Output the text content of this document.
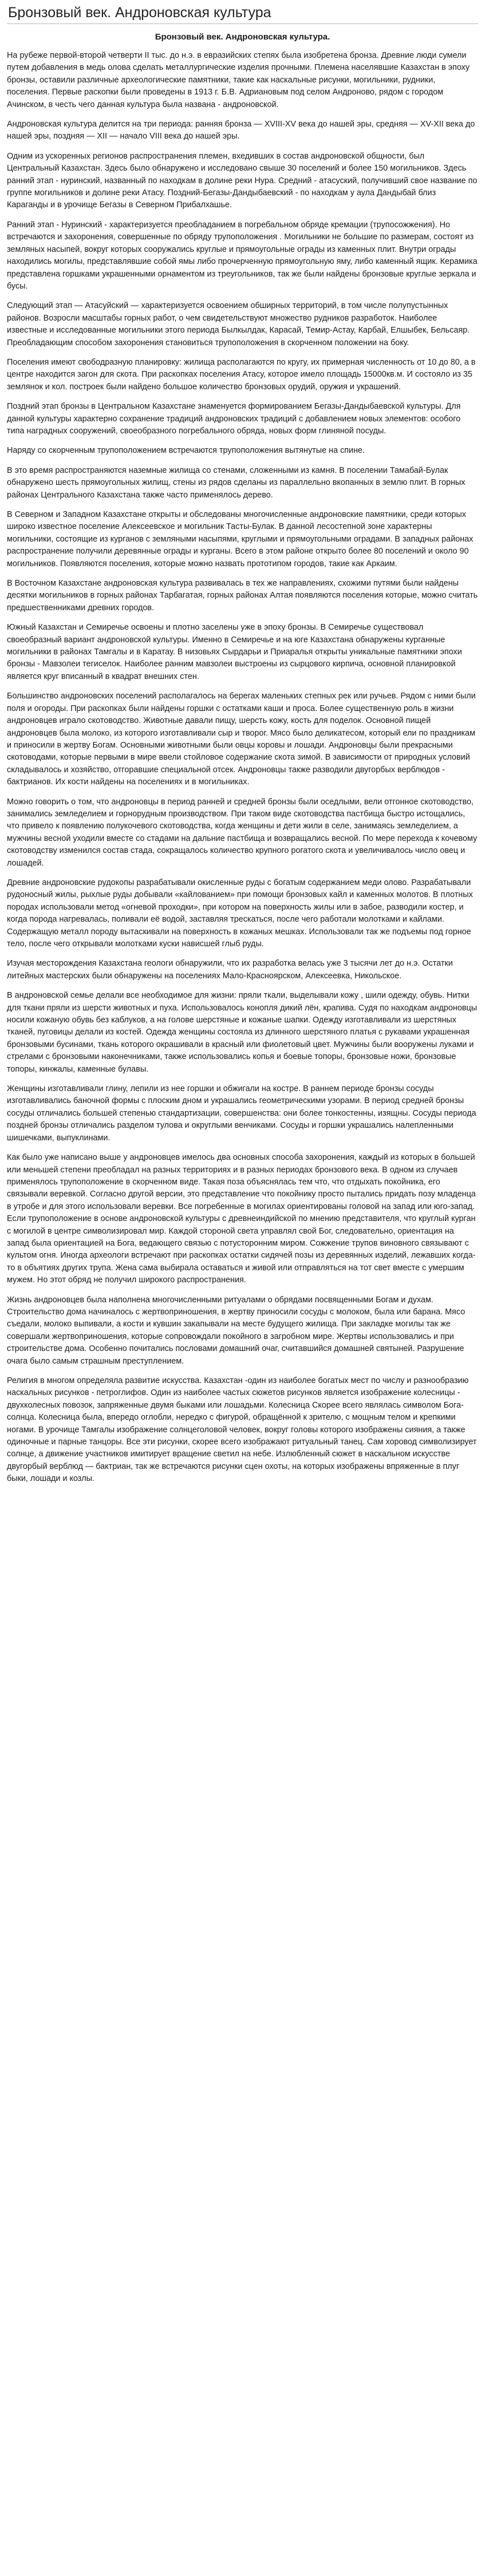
Бронзовый век. Андроновская культура
Бронзовый век. Андроновская культура.

На рубеже первой-второй четверти II тыс. до н.э. в евразийских степях была изобретена бронза. Древние люди сумели путем добавления в медь олова сделать металлургические изделия прочными. Племена населявшие Казахстан в эпоху бронзы, оставили различные археологические памятники, такие как наскальные рисунки, могильники, рудники, поселения. Первые раскопки были проведены в 1913 г. Б.В. Адриановым под селом Андроново, рядом с городом Ачинском, в честь чего данная культура была названа - андроновской.

Андроновская культура делится на три периода: ранняя бронза — XVIII-XV века до нашей эры, средняя — XV-XII века до нашей эры, поздняя — XII — начало VIII века до нашей эры.

Одним из ускоренных регионов распространения племен, вхедивших в состав андроновской общности, был Центральный Казахстан. Здесь было обнаружено и исследовано свыше 30 поселений и более 150 могильников. Здесь ранний этап - нуринский, названный по находкам в долине реки Нура. Средний - атасуский, получивший свое название по группе могильников и долине реки Атасу. Поздний-Бегазы-Дандыбаевский - по находкам у аула Дандыбай близ Караганды и в урочище Бегазы в Северном Прибалхашье.

Ранний этап - Нуринский - характеризуется преобладанием в погребальном обряде кремации (трупосожжения). Но встречаются и захоронения, совершенные по обряду трупоположения . Могильники не большие по размерам, состоят из земляных насыпей, вокруг которых сооружались круглые и прямоугольные ограды из каменных плит. Внутри ограды находились могилы, представлявшие собой ямы либо прочерченную прямоугольную яму, либо каменный ящик. Керамика представлена горшками украшенными орнаментом из треугольников, так же были найдены бронзовые круглые зеркала и бусы.

Следующий этап — Атасуйский — характеризуется освоением обширных территорий, в том числе полупустынных районов. Возросли масштабы горных работ, о чем свидетельствуют множество рудников разработок. Наиболее известные и исследованные могильники этого периода Былкылдак, Карасай, Темир-Астау, Карбай, Елшыбек, Бельсаяр. Преобладающим способом захоронения становиться трупоположения в скорченном положении на боку.

Поселения имеют свободразную планировку: жилища располагаются по кругу, их примерная численность от 10 до 80, а в центре находится загон для скота. При раскопках поселения Атасу, которое имело площадь 15000кв.м. И состояло из 35 землянок и кол. построек были найдено большое количество бронзовых орудий, оружия и украшений.

Поздний этап бронзы в Центральном Казахстане знаменуется формированием Бегазы-Дандыбаевской культуры. Для данной культуры характерно сохранение традиций андроновских традиций с добавлением новых элементов: особого типа наградных сооружений, своеобразного погребального обряда, новых форм глиняной посуды.

Наряду со скорченным трупоположением встречаются трупоположения вытянутые на спине.

В это время распространяются наземные жилища со стенами, сложенными из камня. В поселении Тамабай-Булак обнаружено шесть прямоугольных жилищ, стены из рядов сделаны из параллельно вкопанных в землю плит. В горных районах Центрального Казахстана также часто применялось дерево.

В Северном и Западном Казахстане открыты и обследованы многочисленные андроновские памятники, среди которых широко известное поселение Алексеевское и могильник Тасты-Булак. В данной лесостепной зоне характерны могильники, состоящие из курганов с земляными насыпями, круглыми и прямоугольными оградами. В западных районах распространение получили деревянные ограды и курганы. Всего в этом районе открыто более 80 поселений и около 90 могильников. Появляются поселения, которые можно назвать прототипом городов, такие как Аркаим.

В Восточном Казахстане андроновская культура развивалась в тех же направлениях, схожими путями были найдены десятки могильников в горных районах Тарбагатая, горных районах Алтая появляются поселения которые, можно считать предшественниками древних городов.

Южный Казахстан и Семиречье освоены и плотно заселены уже в эпоху бронзы. В Семиречье существовал своеобразный вариант андроновской культуры. Именно в Семиречье и на юге Казахстана обнаружены курганные могильники в районах Тамгалы и в Каратау. В низовьях Сырдарьи и Приаралья открыты уникальные памятники эпохи бронзы - Мавзолеи тегиселок. Наиболее ранним мавзолеи выстроены из сырцового кирпича, основной планировкой является круг вписанный в квадрат внешних стен.

Большинство андроновских поселений располагалось на берегах маленьких степных рек или ручьев. Рядом с ними были поля и огороды. При раскопках были найдены горшки с остатками каши и проса. Более существенную роль в жизни андроновцев играло скотоводство. Животные давали пищу, шерсть кожу, кость для поделок. Основной пищей андроновцев была молоко, из которого изготавливали сыр и творог. Мясо было деликатесом, который ели по праздникам и приносили в жертву Богам. Основными животными были овцы коровы и лошади. Андроновцы были прекрасными скотоводами, которые первыми в мире ввели стойловое содержание скота зимой. В зависимости от природных условий складывалось и хозяйство, отгоравшие специальной отсек. Андроновцы также разводили двугорбых верблюдов - бактрианов. Их кости найдены на поселениях и в могильниках.

Можно говорить о том, что андроновцы в период ранней и средней бронзы были оседлыми, вели отгонное скотоводство, занимались земледелием и горнорудным производством. При таком виде скотоводства пастбища быстро истощались, что привело к появлению полукочевого скотоводства, когда женщины и дети жили в селе, занимаясь земледелием, а мужчины весной уходили вместе со стадами на дальние пастбища и возвращались весной. По мере перехода к кочевому скотоводству изменился состав стада, сокращалось количество крупного рогатого скота и увеличивалось число овец и лошадей.

Древние андроновские рудокопы разрабатывали окисленные руды с богатым содержанием меди олово. Разрабатывали рудоносный жилы, рыхлые руды добывали «кайлованием» при помощи бронзовых кайл и каменных молотов. В плотных породах использовали метод «огневой проходки», при котором на поверхность жилы или в забое, разводили костер, и когда порода нагревалась, поливали её водой, заставляя трескаться, после чего работали молотками и кайлами. Содержащую металл породу вытаскивали на поверхность в кожаных мешках. Использовали так же подъемы под горное тело, после чего открывали молотками куски нависшей глыб руды.

Изучая месторождения Казахстана геологи обнаружили, что их разработка велась уже 3 тысячи лет до н.э. Остатки литейных мастерских были обнаружены на поселениях Мало-Красноярском, Алексеевка, Никольское.

В андроновской семье делали все необходимое для жизни: пряли ткали, выделывали кожу , шили одежду, обувь. Нитки для ткани пряли из шерсти животных и пуха. Использовалось конопля дикий лён, крапива. Судя по находкам андроновцы носили кожаную обувь без каблуков, а на голове шерстяные и кожаные шапки. Одежду изготавливали из шерстяных тканей, пуговицы делали из костей. Одежда женщины состояла из длинного шерстяного платья с рукавами украшенная бронзовыми бусинами, ткань которого окрашивали в красный или фиолетовый цвет. Мужчины были вооружены луками и стрелами с бронзовыми наконечниками, также использовались копья и боевые топоры, бронзовые ножи, бронзовые топоры, кинжалы, каменные булавы.

Женщины изготавливали глину, лепили из нее горшки и обжигали на костре. В раннем периоде бронзы сосуды изготавливались баночной формы с плоским дном и украшались геометрическими узорами. В период средней бронзы сосуды отличались большей степенью стандартизации, совершенства: они более тонкостенны, изящны. Сосуды периода поздней бронзы отличались разделом тулова и округлыми венчиками. Сосуды и горшки украшались налепленными шишечками, выпуклинами.

Как было уже написано выше у андроновцев имелось два основных способа захоронения, каждый из которых в большей или меньшей степени преобладал на разных территориях и в разных периодах бронзового века. В одном из случаев применялось трупоположение в скорченном виде. Такая поза объяснялась тем что, что отдыхать покойника, его связывали веревкой. Согласно другой версии, это представление что покойнику просто пытались придать позу младенца в утробе и для этого использовали веревки. Все погребенные в могилах ориентированы головой на запад или юго-запад. Если трупоположение в основе андроновской культуры с древнеиндийской по мнению представителя, что круглый курган с могилой в центре символизировал мир. Каждой стороной света управлял свой Бог, следовательно, ориентация на запад была ориентацией на Бога, ведающего связью с потусторонним миром. Сожжение трупов виновного связывают с культом огня. Иногда археологи встречают при раскопках остатки сидячей позы из деревянных изделий, лежавших когда-то в объятиях других трупа. Жена сама выбирала оставаться и живой или отправляться на тот свет вместе с умершим мужем. Но этот обряд не получил широкого распространения.

Жизнь андроновцев была наполнена многочисленными ритуалами о обрядами посвященными Богам и духам. Строительство дома начиналось с жертвоприношения, в жертву приносили сосуды с молоком, была или барана. Мясо съедали, молоко выпивали, а кости и кувшин закапывали на месте будущего жилища. При закладке могилы так же совершали жертвоприношения, которые сопровождали покойного в загробном мире. Жертвы использовались и при строительстве дома. Особенно почитались пословами домашний очаг, считавшийся домашней святыней. Разрушение очага было самым страшным преступлением.

Религия в многом определяла развитие искусства. Казахстан -один из наиболее богатых мест по числу и разнообразию наскальных рисунков - петроглифов. Один из наиболее частых сюжетов рисунков является изображение колесницы - двухколесных повозок, запряженные двумя быками или лошадьми. Колесница Скорее всего являлась символом Бога-солнца. Колесница была, впередо оглобли, нередко с фигурой, обращённой к зрителю, с мощным телом и крепкими ногами. В урочище Тамгалы изображение солнцеголовой человек, вокруг головы которого изображены сияния, а также одиночные и парные танцоры. Все эти рисунки, скорее всего изображают ритуальный танец. Сам хоровод символизирует солнце, а движение участников имитирует вращение светил на небе. Излюбленный сюжет в наскальном искусстве двугорбый верблюд — бактриан, так же встречаются рисунки сцен охоты, на которых изображены впряженные в плуг быки, лошади и козлы.
